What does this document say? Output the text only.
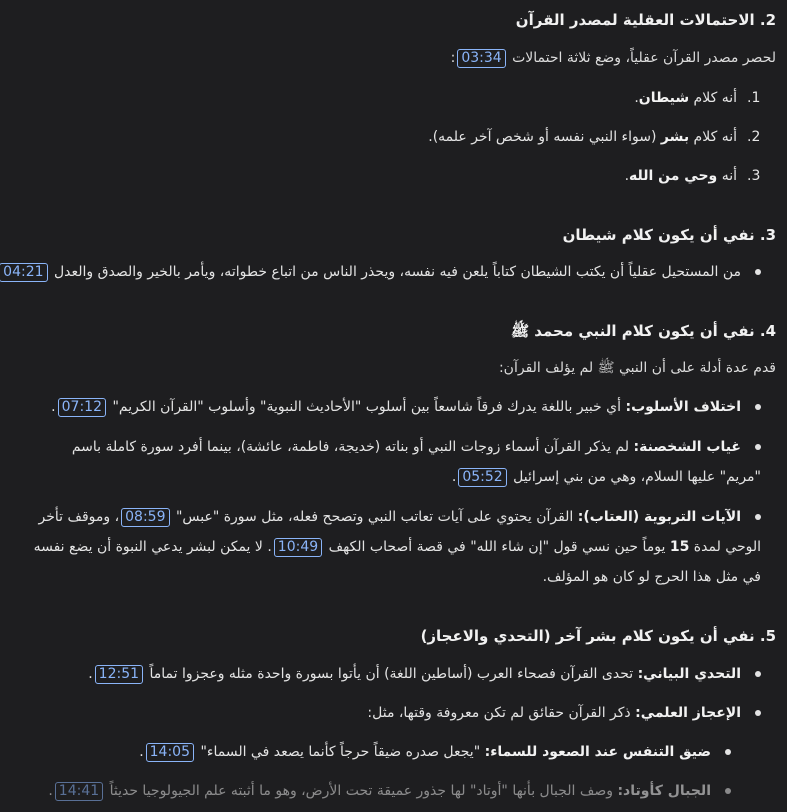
2. الاحتمالات العقلية لمصدر القرآن
لحصر مصدر القرآن عقلياً، وضع ثلاثة احتمالات 03:34:
1.أنه كلام شيطان.
2.أنه كلام بشر (سواء النبي نفسه أو شخص آخر علمه).
3.أنه وحي من الله.
3. نفي أن يكون كلام شيطان
من المستحيل عقلياً أن يكتب الشيطان كتاباً يلعن فيه نفسه، ويحذر الناس من اتباع خطواته، ويأمر بالخير والصدق والعدل 04:21
4. نفي أن يكون كلام النبي محمد ﷺ
قدم عدة أدلة على أن النبي ﷺ لم يؤلف القرآن:
اختلاف الأسلوب: أي خبير باللغة يدرك فرقاً شاسعاً بين أسلوب "الأحاديث النبوية" وأسلوب "القرآن الكريم" 07:12.
غياب الشخصنة: لم يذكر القرآن أسماء زوجات النبي أو بناته (خديجة، فاطمة، عائشة)، بينما أفرد سورة كاملة باسم "مريم" عليها السلام، وهي من بني إسرائيل 05:52.
الآيات التربوية (العتاب): القرآن يحتوي على آيات تعاتب النبي وتصحح فعله، مثل سورة "عبس" 08:59، وموقف تأخر الوحي لمدة 15 يوماً حين نسي قول "إن شاء الله" في قصة أصحاب الكهف 10:49. لا يمكن لبشر يدعي النبوة أن يضع نفسه في مثل هذا الحرج لو كان هو المؤلف.
5. نفي أن يكون كلام بشر آخر (التحدي والاعجاز)
التحدي البياني: تحدى القرآن فصحاء العرب (أساطين اللغة) أن يأتوا بسورة واحدة مثله وعجزوا تماماً 12:51.
الإعجاز العلمي: ذكر القرآن حقائق لم تكن معروفة وقتها، مثل:
ضيق التنفس عند الصعود للسماء: "يجعل صدره ضيقاً حرجاً كأنما يصعد في السماء" 14:05.
الجبال كأوتاد: وصف الجبال بأنها "أوتاد" لها جذور عميقة تحت الأرض، وهو ما أثبته علم الجيولوجيا حديثاً 14:41.
